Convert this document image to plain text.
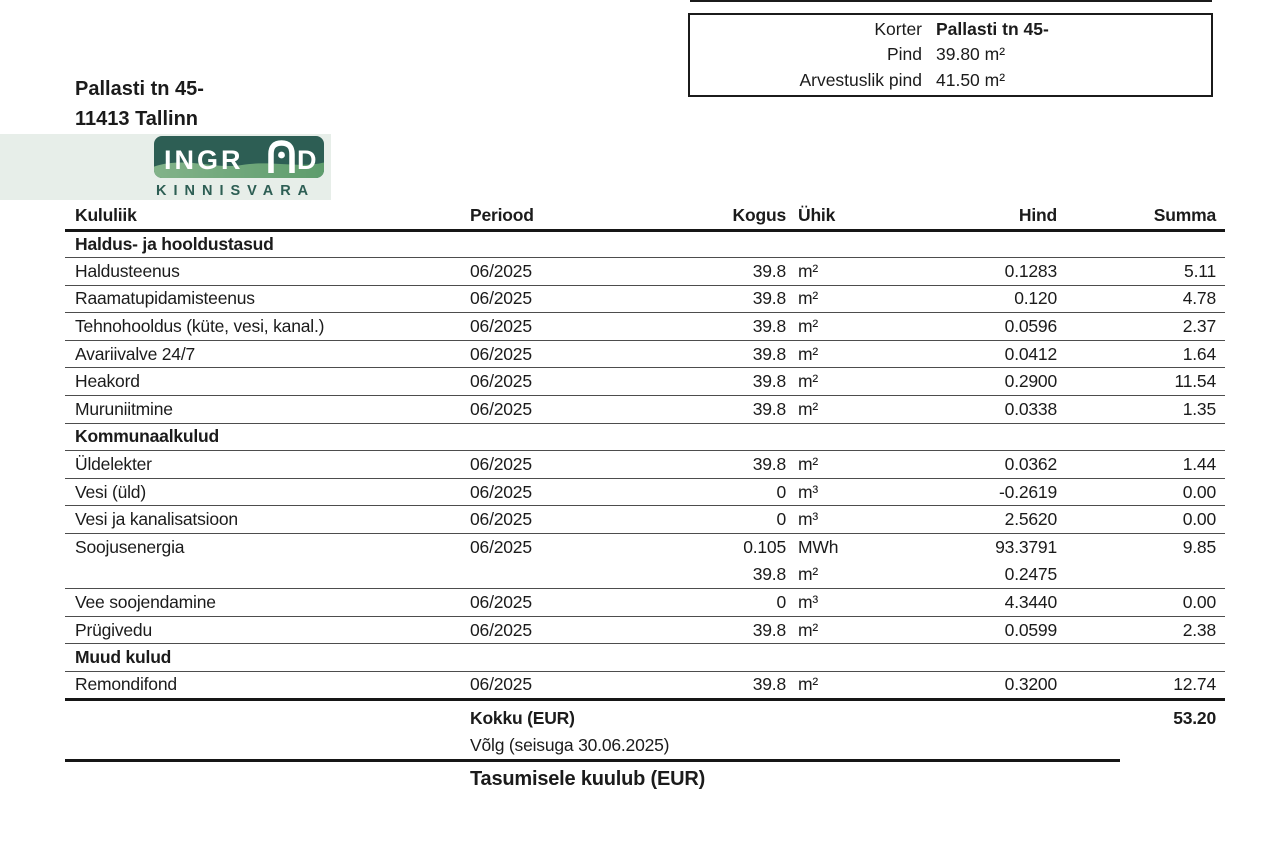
Korter Pallasti tn 45-
Pind 39.80 m²
Arvestuslik pind 41.50 m²
Pallasti tn 45-
11413 Tallinn
INGR D
KINNISVARA
Kululiik	Periood	Kogus	Ühik	Hind	Summa
Haldus- ja hooldustasud					
Haldusteenus	06/2025	39.8	m²	0.1283	5.11
Raamatupidamisteenus	06/2025	39.8	m²	0.120	4.78
Tehnohooldus (küte, vesi, kanal.)	06/2025	39.8	m²	0.0596	2.37
Avariivalve 24/7	06/2025	39.8	m²	0.0412	1.64
Heakord	06/2025	39.8	m²	0.2900	11.54
Muruniitmine	06/2025	39.8	m²	0.0338	1.35
Kommunaalkulud					
Üldelekter	06/2025	39.8	m²	0.0362	1.44
Vesi (üld)	06/2025	0	m³	-0.2619	0.00
Vesi ja kanalisatsioon	06/2025	0	m³	2.5620	0.00
Soojusenergia	06/2025	0.105	MWh	93.3791	9.85
		39.8	m²	0.2475	
Vee soojendamine	06/2025	0	m³	4.3440	0.00
Prügivedu	06/2025	39.8	m²	0.0599	2.38
Muud kulud					
Remondifond	06/2025	39.8	m²	0.3200	12.74
Kokku (EUR)	53.20
Võlg (seisuga 30.06.2025)
Tasumisele kuulub (EUR)
